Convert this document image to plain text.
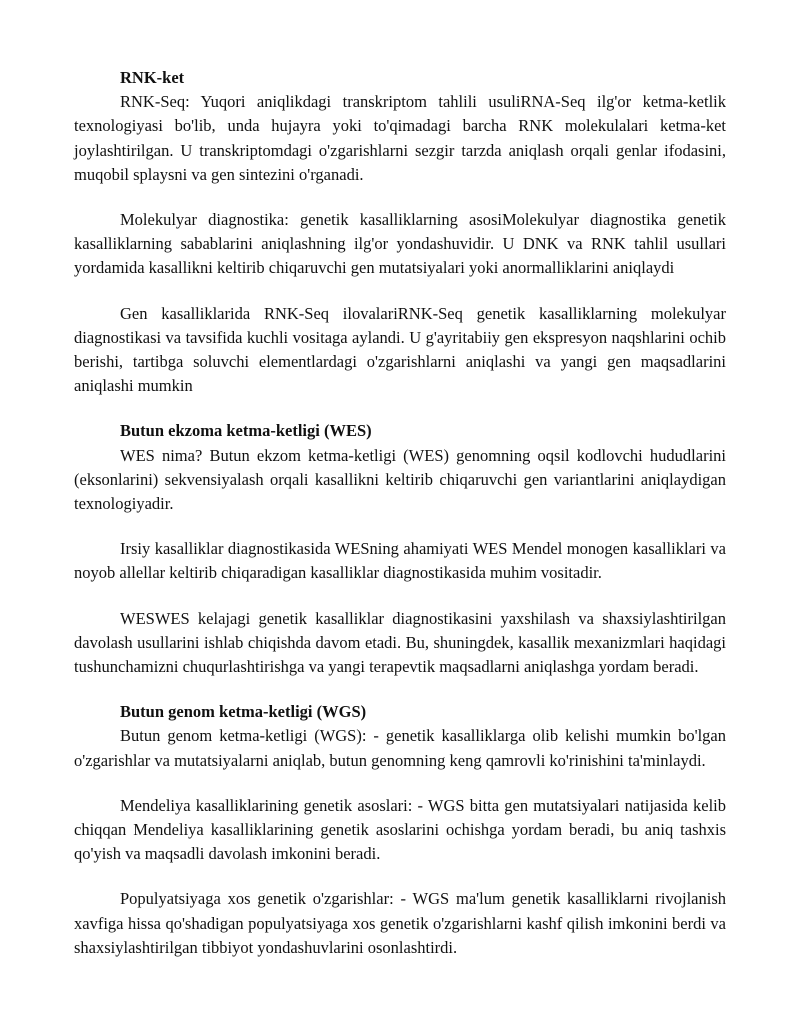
RNK-ket

RNK-Seq: Yuqori aniqlikdagi transkriptom tahlili usuliRNA-Seq ilg'or ketma-ketlik texnologiyasi bo'lib, unda hujayra yoki to'qimadagi barcha RNK molekulalari ketma-ket joylashtirilgan. U transkriptomdagi o'zgarishlarni sezgir tarzda aniqlash orqali genlar ifodasini, muqobil splaysni va gen sintezini o'rganadi.

Molekulyar diagnostika: genetik kasalliklarning asosiMolekulyar diagnostika genetik kasalliklarning sabablarini aniqlashning ilg'or yondashuvidir. U DNK va RNK tahlil usullari yordamida kasallikni keltirib chiqaruvchi gen mutatsiyalari yoki anormalliklarini aniqlaydi

Gen kasalliklarida RNK-Seq ilovalariRNK-Seq genetik kasalliklarning molekulyar diagnostikasi va tavsifida kuchli vositaga aylandi. U g'ayritabiiy gen ekspresyon naqshlarini ochib berishi, tartibga soluvchi elementlardagi o'zgarishlarni aniqlashi va yangi gen maqsadlarini aniqlashi mumkin

Butun ekzoma ketma-ketligi (WES)

WES nima? Butun ekzom ketma-ketligi (WES) genomning oqsil kodlovchi hududlarini (eksonlarini) sekvensiyalash orqali kasallikni keltirib chiqaruvchi gen variantlarini aniqlaydigan texnologiyadir.

Irsiy kasalliklar diagnostikasida WESning ahamiyati WES Mendel monogen kasalliklari va noyob allellar keltirib chiqaradigan kasalliklar diagnostikasida muhim vositadir.

WESWES kelajagi genetik kasalliklar diagnostikasini yaxshilash va shaxsiylashtirilgan davolash usullarini ishlab chiqishda davom etadi. Bu, shuningdek, kasallik mexanizmlari haqidagi tushunchamizni chuqurlashtirishga va yangi terapevtik maqsadlarni aniqlashga yordam beradi.

Butun genom ketma-ketligi (WGS)

Butun genom ketma-ketligi (WGS): - genetik kasalliklarga olib kelishi mumkin bo'lgan o'zgarishlar va mutatsiyalarni aniqlab, butun genomning keng qamrovli ko'rinishini ta'minlaydi.

Mendeliya kasalliklarining genetik asoslari: - WGS bitta gen mutatsiyalari natijasida kelib chiqqan Mendeliya kasalliklarining genetik asoslarini ochishga yordam beradi, bu aniq tashxis qo'yish va maqsadli davolash imkonini beradi.

Populyatsiyaga xos genetik o'zgarishlar: - WGS ma'lum genetik kasalliklarni rivojlanish xavfiga hissa qo'shadigan populyatsiyaga xos genetik o'zgarishlarni kashf qilish imkonini berdi va shaxsiylashtirilgan tibbiyot yondashuvlarini osonlashtirdi.
